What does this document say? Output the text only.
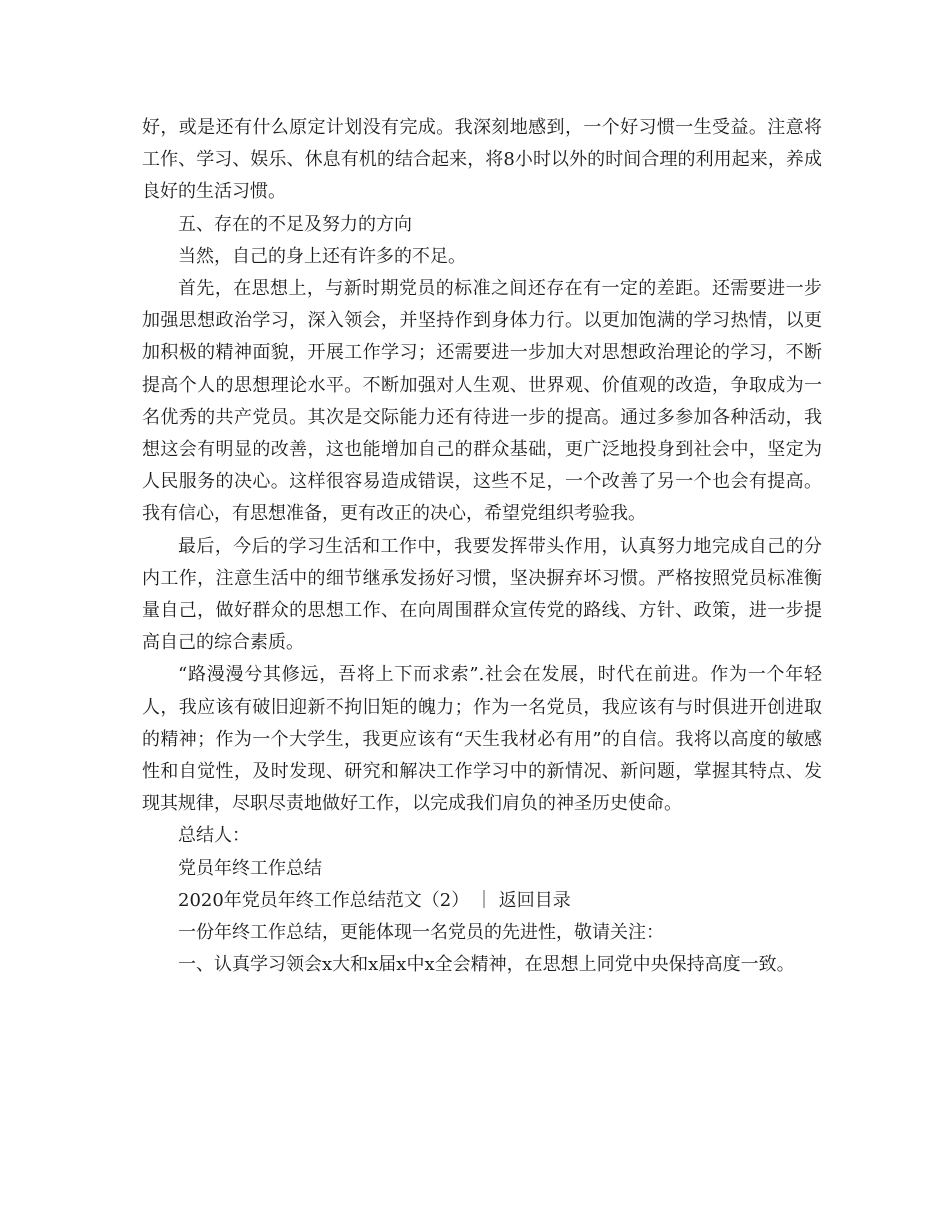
好，或是还有什么原定计划没有完成。我深刻地感到，一个好习惯一生受益。注意将工作、学习、娱乐、休息有机的结合起来，将8小时以外的时间合理的利用起来，养成良好的生活习惯。

五、存在的不足及努力的方向

当然，自己的身上还有许多的不足。

首先，在思想上，与新时期党员的标准之间还存在有一定的差距。还需要进一步加强思想政治学习，深入领会，并坚持作到身体力行。以更加饱满的学习热情，以更加积极的精神面貌，开展工作学习；还需要进一步加大对思想政治理论的学习，不断提高个人的思想理论水平。不断加强对人生观、世界观、价值观的改造，争取成为一名优秀的共产党员。其次是交际能力还有待进一步的提高。通过多参加各种活动，我想这会有明显的改善，这也能增加自己的群众基础，更广泛地投身到社会中，坚定为人民服务的决心。这样很容易造成错误，这些不足，一个改善了另一个也会有提高。我有信心，有思想准备，更有改正的决心，希望党组织考验我。

最后，今后的学习生活和工作中，我要发挥带头作用，认真努力地完成自己的分内工作，注意生活中的细节继承发扬好习惯，坚决摒弃坏习惯。严格按照党员标准衡量自己，做好群众的思想工作、在向周围群众宣传党的路线、方针、政策，进一步提高自己的综合素质。

“路漫漫兮其修远，吾将上下而求索”.社会在发展，时代在前进。作为一个年轻人，我应该有破旧迎新不拘旧矩的魄力；作为一名党员，我应该有与时俱进开创进取的精神；作为一个大学生，我更应该有“天生我材必有用”的自信。我将以高度的敏感性和自觉性，及时发现、研究和解决工作学习中的新情况、新问题，掌握其特点、发现其规律，尽职尽责地做好工作，以完成我们肩负的神圣历史使命。

总结人：

党员年终工作总结

2020年党员年终工作总结范文（2） ｜ 返回目录

一份年终工作总结，更能体现一名党员的先进性，敬请关注：

一、认真学习领会x大和x届x中x全会精神，在思想上同党中央保持高度一致。
